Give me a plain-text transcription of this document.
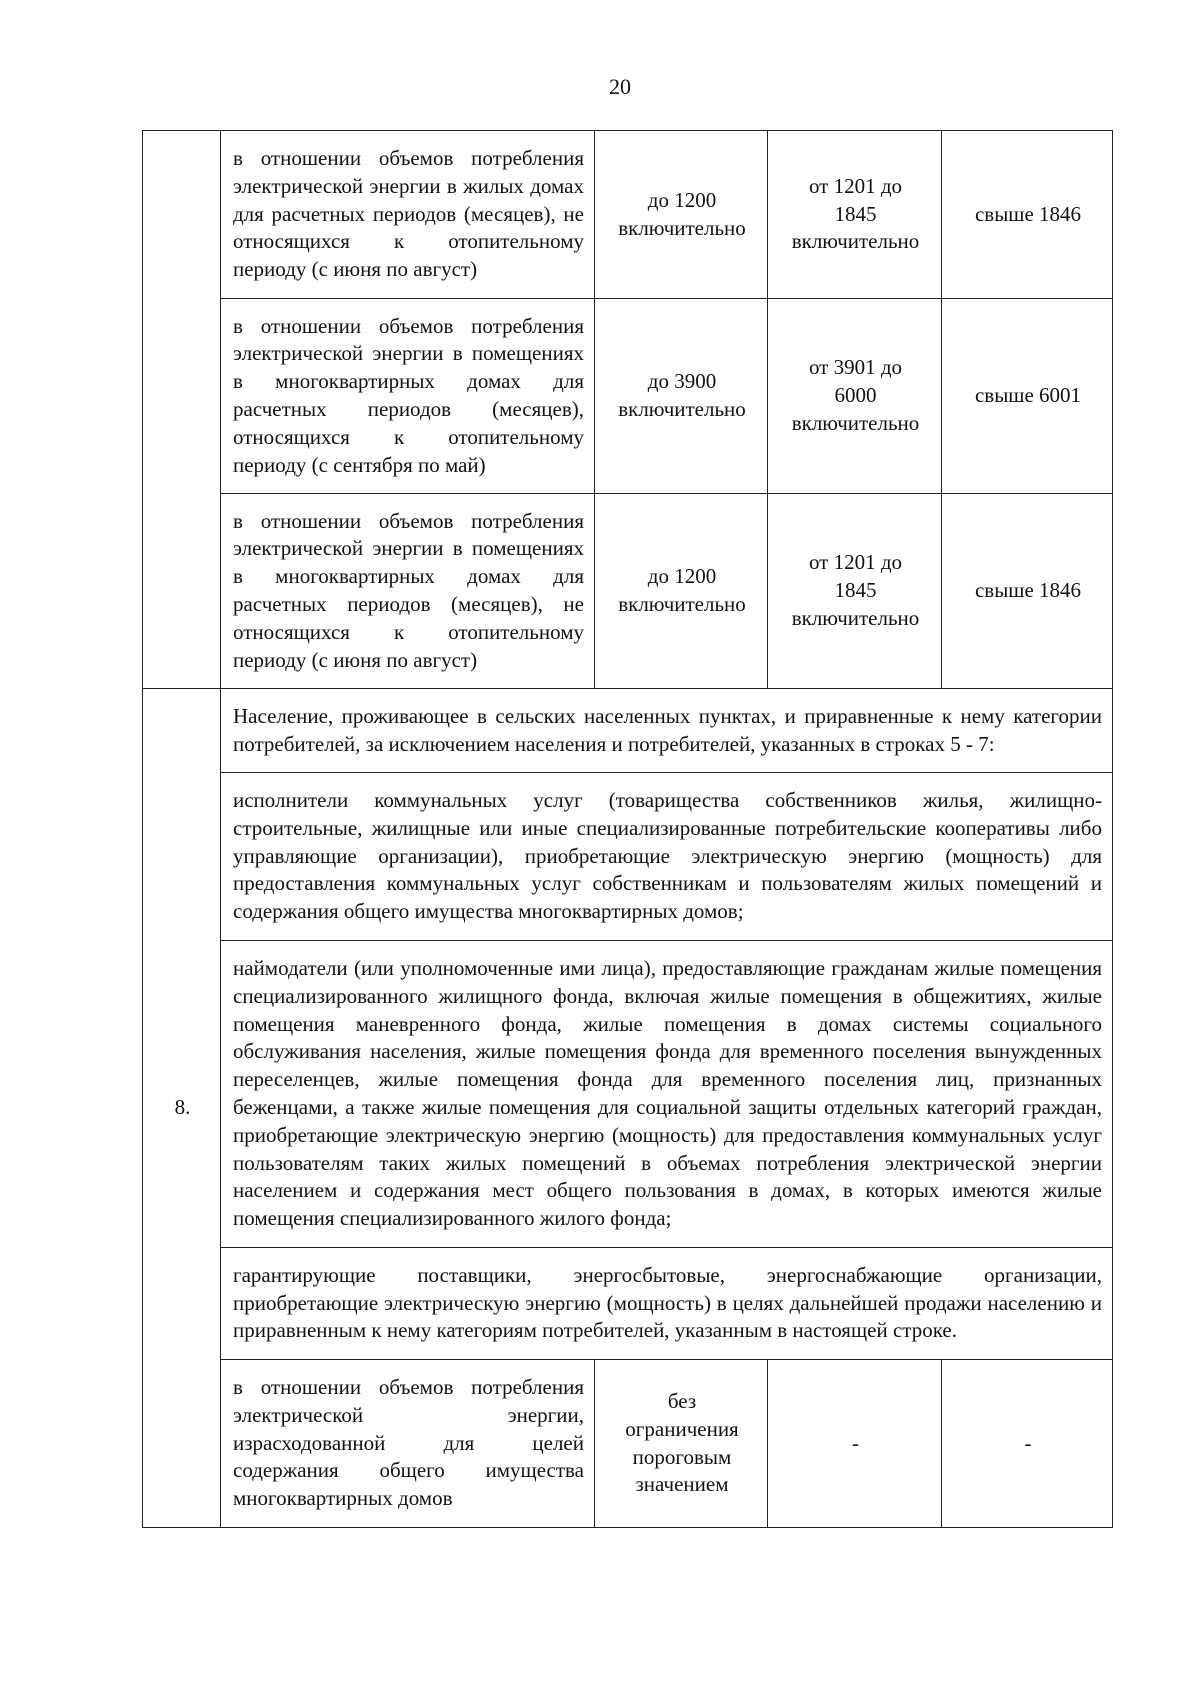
20
	в отношении объемов потребления электрической энергии в жилых домах для расчетных периодов (месяцев), не относящихся к отопительному периоду (с июня по август)	до 1200
включительно	от 1201 до
1845
включительно	свыше 1846

	в отношении объемов потребления электрической энергии в помещениях в многоквартирных домах для расчетных периодов (месяцев), относящихся к отопительному периоду (с сентября по май)	до 3900
включительно	от 3901 до
6000
включительно	свыше 6001

	в отношении объемов потребления электрической энергии в помещениях в многоквартирных домах для расчетных периодов (месяцев), не относящихся к отопительному периоду (с июня по август)	до 1200
включительно	от 1201 до
1845
включительно	свыше 1846

8.	Население, проживающее в сельских населенных пунктах, и приравненные к нему категории потребителей, за исключением населения и потребителей, указанных в строках 5 - 7:			
	исполнители коммунальных услуг (товарищества собственников жилья, жилищно-строительные, жилищные или иные специализированные потребительские кооперативы либо управляющие организации), приобретающие электрическую энергию (мощность) для предоставления коммунальных услуг собственникам и пользователям жилых помещений и содержания общего имущества многоквартирных домов;			
	наймодатели (или уполномоченные ими лица), предоставляющие гражданам жилые помещения специализированного жилищного фонда, включая жилые помещения в общежитиях, жилые помещения маневренного фонда, жилые помещения в домах системы социального обслуживания населения, жилые помещения фонда для временного поселения вынужденных переселенцев, жилые помещения фонда для временного поселения лиц, признанных беженцами, а также жилые помещения для социальной защиты отдельных категорий граждан, приобретающие электрическую энергию (мощность) для предоставления коммунальных услуг пользователям таких жилых помещений в объемах потребления электрической энергии населением и содержания мест общего пользования в домах, в которых имеются жилые помещения специализированного жилого фонда;			
	гарантирующие поставщики, энергосбытовые, энергоснабжающие организации, приобретающие электрическую энергию (мощность) в целях дальнейшей продажи населению и приравненным к нему категориям потребителей, указанным в настоящей строке.			
	в отношении объемов потребления электрической энергии, израсходованной для целей содержания общего имущества многоквартирных домов	без
ограничения
пороговым
значением	-	-
